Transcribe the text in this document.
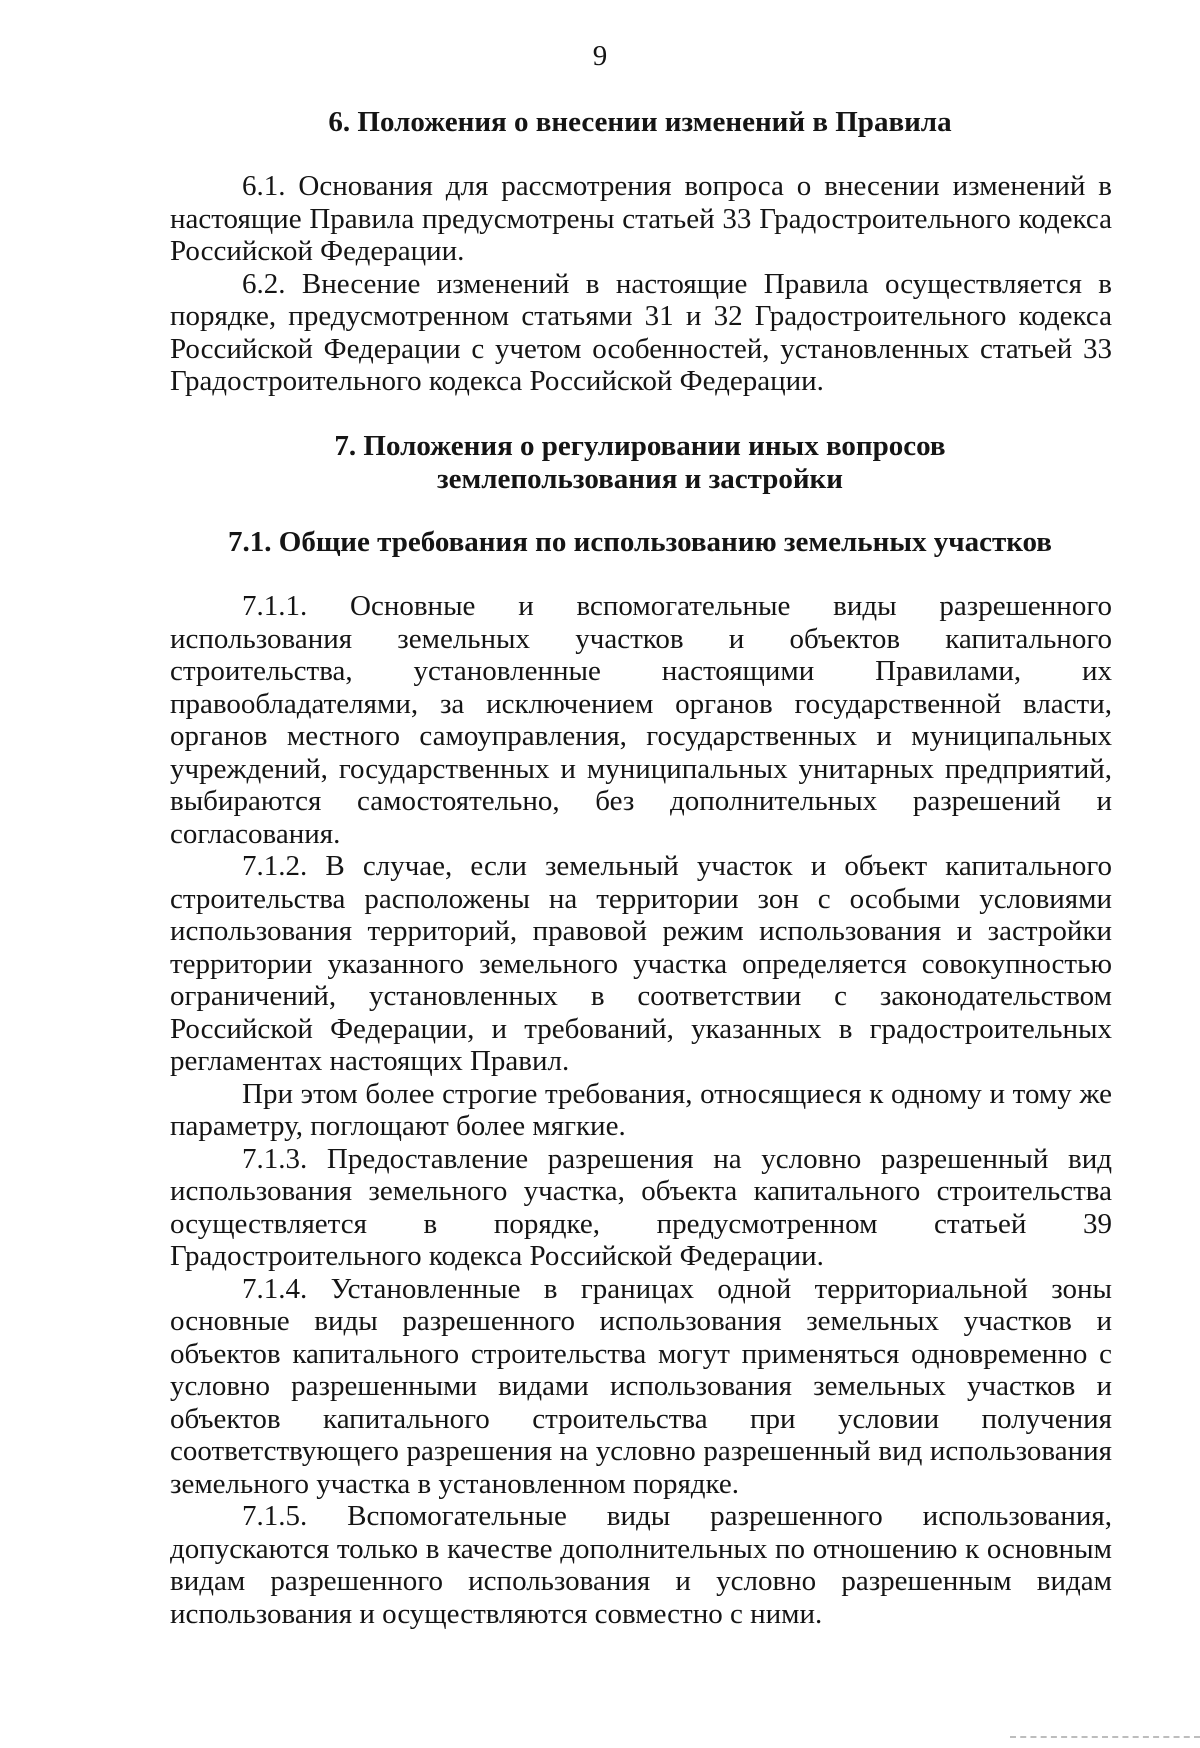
9
6. Положения о внесении изменений в Правила

6.1. Основания для рассмотрения вопроса о внесении изменений в настоящие Правила предусмотрены статьей 33 Градостроительного кодекса Российской Федерации.

6.2. Внесение изменений в настоящие Правила осуществляется в порядке, предусмотренном статьями 31 и 32 Градостроительного кодекса Российской Федерации с учетом особенностей, установленных статьей 33 Градостроительного кодекса Российской Федерации.

7. Положения о регулировании иных вопросов
землепользования и застройки
7.1. Общие требования по использованию земельных участков

7.1.1. Основные и вспомогательные виды разрешенного использования земельных участков и объектов капитального строительства, установленные настоящими Правилами, их правообладателями, за исключением органов государственной власти, органов местного самоуправления, государственных и муниципальных учреждений, государственных и муниципальных унитарных предприятий, выбираются самостоятельно, без дополнительных разрешений и согласования.

7.1.2. В случае, если земельный участок и объект капитального строительства расположены на территории зон с особыми условиями использования территорий, правовой режим использования и застройки территории указанного земельного участка определяется совокупностью ограничений, установленных в соответствии с законодательством Российской Федерации, и требований, указанных в градостроительных регламентах настоящих Правил.

При этом более строгие требования, относящиеся к одному и тому же параметру, поглощают более мягкие.

7.1.3. Предоставление разрешения на условно разрешенный вид использования земельного участка, объекта капитального строительства осуществляется в порядке, предусмотренном статьей 39 Градостроительного кодекса Российской Федерации.

7.1.4. Установленные в границах одной территориальной зоны основные виды разрешенного использования земельных участков и объектов капитального строительства могут применяться одновременно с условно разрешенными видами использования земельных участков и объектов капитального строительства при условии получения соответствующего разрешения на условно разрешенный вид использования земельного участка в установленном порядке.

7.1.5. Вспомогательные виды разрешенного использования, допускаются только в качестве дополнительных по отношению к основным видам разрешенного использования и условно разрешенным видам использования и осуществляются совместно с ними.
